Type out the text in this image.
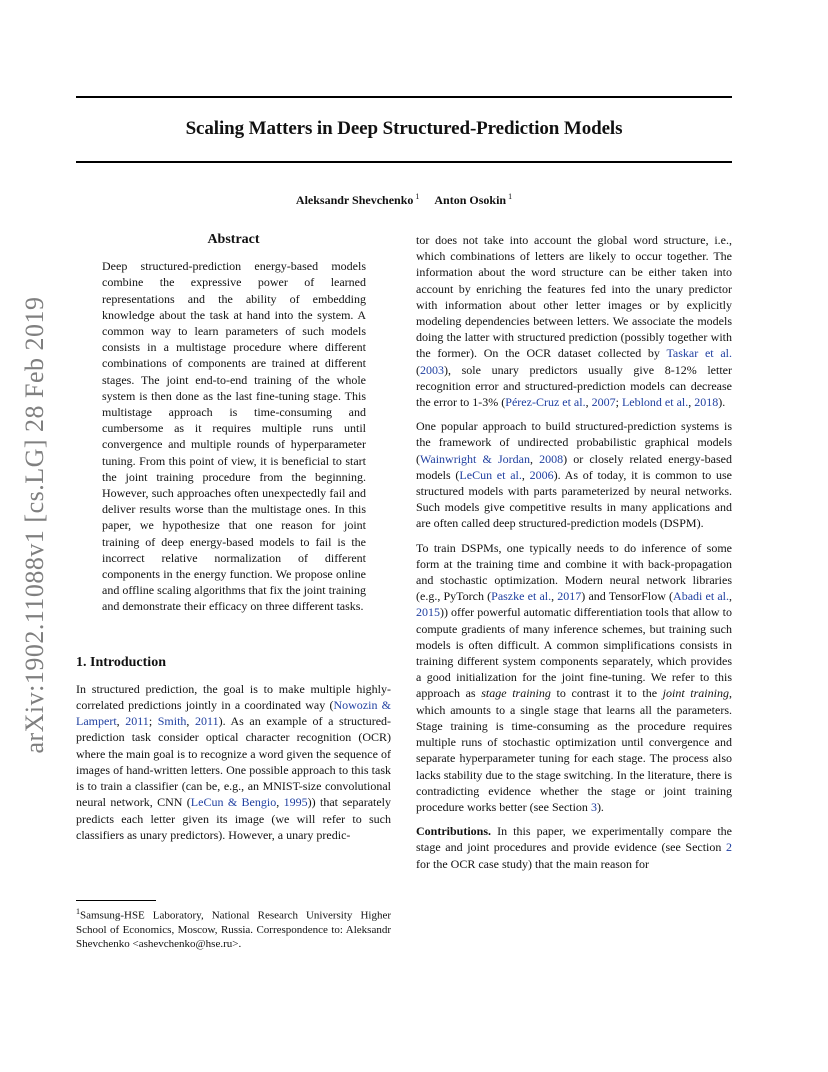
Scaling Matters in Deep Structured-Prediction Models
Aleksandr Shevchenko $^1$ Anton Osokin $^1$
arXiv:1902.11088v1 [cs.LG] 28 Feb 2019
Abstract
Deep structured-prediction energy-based models combine the expressive power of learned representations and the ability of embedding knowledge about the task at hand into the system. A common way to learn parameters of such models consists in a multistage procedure where different combinations of components are trained at different stages. The joint end-to-end training of the whole system is then done as the last fine-tuning stage. This multistage approach is time-consuming and cumbersome as it requires multiple runs until convergence and multiple rounds of hyperparameter tuning. From this point of view, it is beneficial to start the joint training procedure from the beginning. However, such approaches often unexpectedly fail and deliver results worse than the multistage ones. In this paper, we hypothesize that one reason for joint training of deep energy-based models to fail is the incorrect relative normalization of different components in the energy function. We propose online and offline scaling algorithms that fix the joint training and demonstrate their efficacy on three different tasks.
1. Introduction

In structured prediction, the goal is to make multiple highly-correlated predictions jointly in a coordinated way (Nowozin & Lampert, 2011; Smith, 2011). As an example of a structured-prediction task consider optical character recognition (OCR) where the main goal is to recognize a word given the sequence of images of hand-written letters. One possible approach to this task is to train a classifier (can be, e.g., an MNIST-size convolutional neural network, CNN (LeCun & Bengio, 1995)) that separately predicts each letter given its image (we will refer to such classifiers as unary predictors). However, a unary predic-

$^1$Samsung-HSE Laboratory, National Research University Higher School of Economics, Moscow, Russia. Correspondence to: Aleksandr Shevchenko <ashevchenko@hse.ru>.

tor does not take into account the global word structure, i.e., which combinations of letters are likely to occur together. The information about the word structure can be either taken into account by enriching the features fed into the unary predictor with information about other letter images or by explicitly modeling dependencies between letters. We associate the models doing the latter with structured prediction (possibly together with the former). On the OCR dataset collected by Taskar et al. (2003), sole unary predictors usually give 8-12% letter recognition error and structured-prediction models can decrease the error to 1-3% (Pérez-Cruz et al., 2007; Leblond et al., 2018).

One popular approach to build structured-prediction systems is the framework of undirected probabilistic graphical models (Wainwright & Jordan, 2008) or closely related energy-based models (LeCun et al., 2006). As of today, it is common to use structured models with parts parameterized by neural networks. Such models give competitive results in many applications and are often called deep structured-prediction models (DSPM).

To train DSPMs, one typically needs to do inference of some form at the training time and combine it with back-propagation and stochastic optimization. Modern neural network libraries (e.g., PyTorch (Paszke et al., 2017) and TensorFlow (Abadi et al., 2015)) offer powerful automatic differentiation tools that allow to compute gradients of many inference schemes, but training such models is often difficult. A common simplifications consists in training different system components separately, which provides a good initialization for the joint fine-tuning. We refer to this approach as stage training to contrast it to the joint training, which amounts to a single stage that learns all the parameters. Stage training is time-consuming as the procedure requires multiple runs of stochastic optimization until convergence and separate hyperparameter tuning for each stage. The process also lacks stability due to the stage switching. In the literature, there is contradicting evidence whether the stage or joint training procedure works better (see Section 3).

Contributions. In this paper, we experimentally compare the stage and joint procedures and provide evidence (see Section 2 for the OCR case study) that the main reason for
